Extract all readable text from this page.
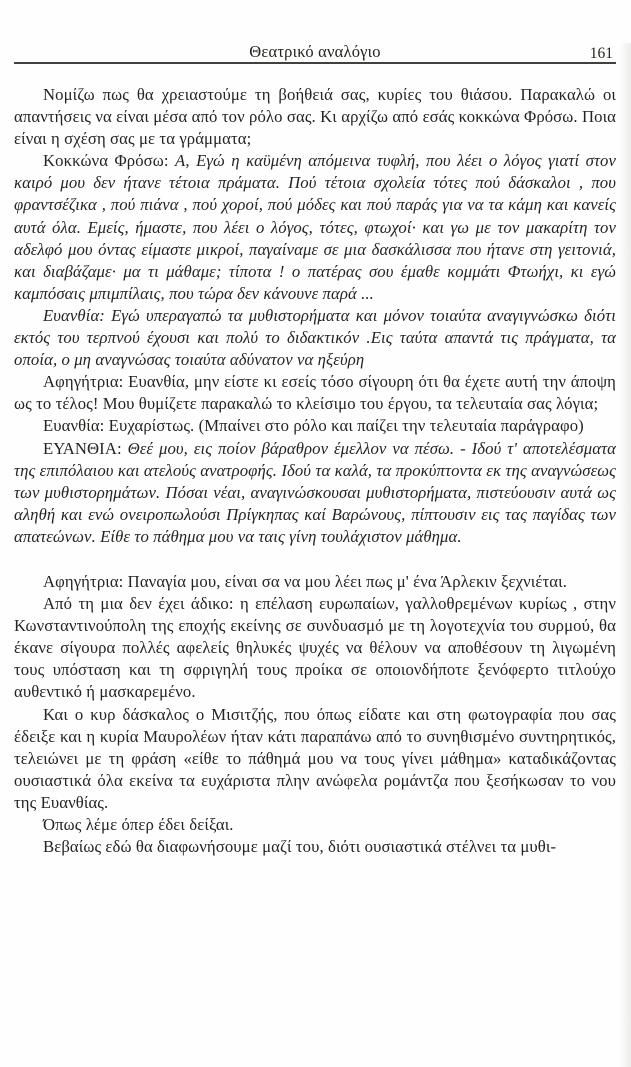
Θεατρικό αναλόγιο	161

Νομίζω πως θα χρειαστούμε τη βοήθειά σας, κυρίες του θιάσου. Παρακαλώ οι απαντήσεις να είναι μέσα από τον ρόλο σας. Κι αρχίζω από εσάς κοκκώνα Φρόσω. Ποια είναι η σχέση σας με τα γράμματα;

Κοκκώνα Φρόσω: Α, Εγώ η καϋμένη απόμεινα τυφλή, που λέει ο λόγος γιατί στον καιρό μου δεν ήτανε τέτοια πράματα. Πού τέτοια σχολεία τότες πού δάσκαλοι , που φραντσέζικα , πού πιάνα , πού χοροί, πού μόδες και πού παράς για να τα κάμη και κανείς αυτά όλα. Εμείς, ήμαστε, που λέει ο λόγος, τότες, φτωχοί· και γω με τον μακαρίτη τον αδελφό μου όντας είμαστε μικροί, παγαίναμε σε μια δασκάλισσα που ήτανε στη γειτονιά, και διαβάζαμε· μα τι μάθαμε; τίποτα ! ο πατέρας σου έμαθε κομμάτι Φτωήχι, κι εγώ καμπόσαις μπιμπίλαις, που τώρα δεν κάνουνε παρά ...

Ευανθία: Εγώ υπεραγαπώ τα μυθιστορήματα και μόνον τοιαύτα αναγιγνώσκω διότι εκτός του τερπνού έχουσι και πολύ το διδακτικόν .Εις ταύτα απαντά τις πράγματα, τα οποία, ο μη αναγνώσας τοιαύτα αδύνατον να ηξεύρη

Αφηγήτρια: Ευανθία, μην είστε κι εσείς τόσο σίγουρη ότι θα έχετε αυτή την άποψη ως το τέλος! Μου θυμίζετε παρακαλώ το κλείσιμο του έργου, τα τελευταία σας λόγια;

Ευανθία: Ευχαρίστως. (Μπαίνει στο ρόλο και παίζει την τελευταία παράγραφο)

ΕΥΑΝΘΙΑ: Θεέ μου, εις ποίον βάραθρον έμελλον να πέσω. - Ιδού τ' αποτελέσματα της επιπόλαιου και ατελούς ανατροφής. Ιδού τα καλά, τα προκύπτοντα εκ της αναγνώσεως των μυθιστορημάτων. Πόσαι νέαι, αναγινώσκουσαι μυθιστορήματα, πιστεύουσιν αυτά ως αληθή και ενώ ονειροπωλούσι Πρίγκηπας καί Βαρώνους, πίπτουσιν εις τας παγίδας των απατεώνων. Είθε το πάθημα μου να ταις γίνη τουλάχιστον μάθημα.

Αφηγήτρια: Παναγία μου, είναι σα να μου λέει πως μ' ένα Άρλεκιν ξεχνιέται.

Από τη μια δεν έχει άδικο: η επέλαση ευρωπαίων, γαλλοθρεμένων κυρίως , στην Κωνσταντινούπολη της εποχής εκείνης σε συνδυασμό με τη λογοτεχνία του συρμού, θα έκανε σίγουρα πολλές αφελείς θηλυκές ψυχές να θέλουν να αποθέσουν τη λιγωμένη τους υπόσταση και τη σφριγηλή τους προίκα σε οποιονδήποτε ξενόφερτο τιτλούχο αυθεντικό ή μασκαρεμένο.

Και ο κυρ δάσκαλος ο Μισιτζής, που όπως είδατε και στη φωτογραφία που σας έδειξε και η κυρία Μαυρολέων ήταν κάτι παραπάνω από το συνηθισμένο συντηρητικός, τελειώνει με τη φράση «είθε το πάθημά μου να τους γίνει μάθημα» καταδικάζοντας ουσιαστικά όλα εκείνα τα ευχάριστα πλην ανώφελα ρομάντζα που ξεσήκωσαν το νου της Ευανθίας.

Όπως λέμε όπερ έδει δείξαι.

Βεβαίως εδώ θα διαφωνήσουμε μαζί του, διότι ουσιαστικά στέλνει τα μυθι-
